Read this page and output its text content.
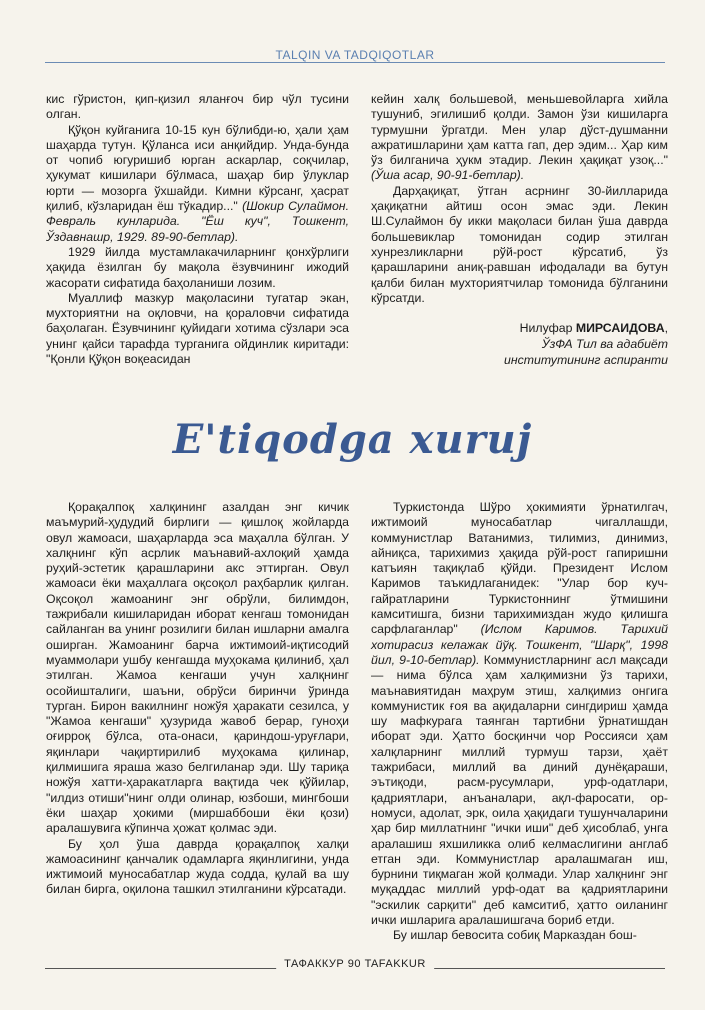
TALQIN VA TADQIQOTLAR

кис гўристон, қип-қизил яланғоч бир чўл тусини олган.

Қўқон куйганига 10-15 кун бўлибди-ю, ҳали ҳам шаҳарда тутун. Қўланса иси анқийдир. Унда-бунда от чопиб югуришиб юрган аскарлар, соқчилар, ҳукумат кишилари бўлмаса, шаҳар бир ўлуклар юрти — мозорга ўхшайди. Кимни кўрсанг, ҳасрат қилиб, кўзларидан ёш тўкадир..." (Шокир Сулаймон. Февраль кунларида. "Ёш куч", Тошкент, Ўздавнашр, 1929. 89-90-бетлар).

1929 йилда мустамлакачиларнинг қонхўрлиги ҳақида ёзилган бу мақола ёзувчининг ижодий жасорати сифатида баҳоланиши лозим.

Муаллиф мазкур мақоласини тугатар экан, мухториятни на оқловчи, на қораловчи сифатида баҳолаган. Ёзувчининг қуйидаги хотима сўзлари эса унинг қайси тарафда турганига ойдинлик киритади: "Қонли Қўқон воқеасидан

кейин халқ большевой, меньшевойларга хийла тушуниб, эгилишиб қолди. Замон ўзи кишиларга турмушни ўргатди. Мен улар дўст-душманни ажратишларини ҳам катта гап, дер эдим... Ҳар ким ўз билганича ҳукм этадир. Лекин ҳақиқат узоқ..." (Ўша асар, 90-91-бетлар).

Дарҳақиқат, ўтган асрнинг 30-йилларида ҳақиқатни айтиш осон эмас эди. Лекин Ш.Сулаймон бу икки мақоласи билан ўша даврда большевиклар томонидан содир этилган хунрезликларни рўй-рост кўрсатиб, ўз қарашларини аниқ-равшан ифодалади ва бутун қалби билан мухториятчилар томонида бўлганини кўрсатди.

Нилуфар МИРСАИДОВА,
ЎзФА Тил ва адабиёт
институтининг аспиранти
E'tiqodga xuruj

Қорақалпоқ халқининг азалдан энг кичик маъмурий-ҳудудий бирлиги — қишлоқ жойларда овул жамоаси, шаҳарларда эса маҳалла бўлган. У халқнинг кўп асрлик маънавий-ахлоқий ҳамда руҳий-эстетик қарашларини акс эттирган. Овул жамоаси ёки маҳаллага оқсоқол раҳбарлик қилган. Оқсоқол жамоанинг энг обрўли, билимдон, тажрибали кишиларидан иборат кенгаш томонидан сайланган ва унинг розилиги билан ишларни амалга оширган. Жамоанинг барча ижтимоий-иқтисодий муаммолари ушбу кенгашда муҳокама қилиниб, ҳал этилган. Жамоа кенгаши учун халқнинг осойишталиги, шаъни, обрўси биринчи ўринда турган. Бирон вакилнинг ножўя ҳаракати сезилса, у "Жамоа кенгаши" ҳузурида жавоб берар, гуноҳи оғирроқ бўлса, ота-онаси, қариндош-уруғлари, яқинлари чақиртирилиб муҳокама қилинар, қилмишига яраша жазо белгиланар эди. Шу тариқа ножўя хатти-ҳаракатларга вақтида чек қўйилар, "илдиз отиши"нинг олди олинар, юзбоши, мингбоши ёки шаҳар ҳокими (миршаббоши ёки қози) аралашувига кўпинча ҳожат қолмас эди.

Бу ҳол ўша даврда қорақалпоқ халқи жамоасининг қанчалик одамларга яқинлигини, унда ижтимоий муносабатлар жуда содда, қулай ва шу билан бирга, оқилона ташкил этилганини кўрсатади.

Туркистонда Шўро ҳокимияти ўрнатилгач, ижтимоий муносабатлар чигаллашди, коммунистлар Ватанимиз, тилимиз, динимиз, айниқса, тарихимиз ҳақида рўй-рост гапиришни катъиян тақиқлаб қўйди. Президент Ислом Каримов таъкидлаганидек: "Улар бор куч-гайратларини Туркистоннинг ўтмишини камситишга, бизни тарихимиздан жудо қилишга сарфлаганлар" (Ислом Каримов. Тарихий хотирасиз келажак йўқ. Тошкент, "Шарқ", 1998 йил, 9-10-бетлар). Коммунистларнинг асл мақсади — нима бўлса ҳам халқимизни ўз тарихи, маънавиятидан маҳрум этиш, халқимиз онгига коммунистик ғоя ва ақидаларни сингдириш ҳамда шу мафкурага таянган тартибни ўрнатишдан иборат эди. Ҳатто босқинчи чор Россияси ҳам халқларнинг миллий турмуш тарзи, ҳаёт тажрибаси, миллий ва диний дунёқараши, эътиқоди, расм-русумлари, урф-одатлари, қадриятлари, анъаналари, ақл-фаросати, ор-номуси, адолат, эрк, оила ҳақидаги тушунчаларини ҳар бир миллатнинг "ички иши" деб ҳисоблаб, унга аралашиш яхшиликка олиб келмаслигини англаб етган эди. Коммунистлар аралашмаган иш, бурнини тиқмаган жой қолмади. Улар халқнинг энг муқаддас миллий урф-одат ва қадриятларини "эскилик сарқити" деб камситиб, ҳатто оиланинг ички ишларига аралашишгача бориб етди.

Бу ишлар бевосита собиқ Марказдан бош-

ТАФАККУР 90 TAFAKKUR
